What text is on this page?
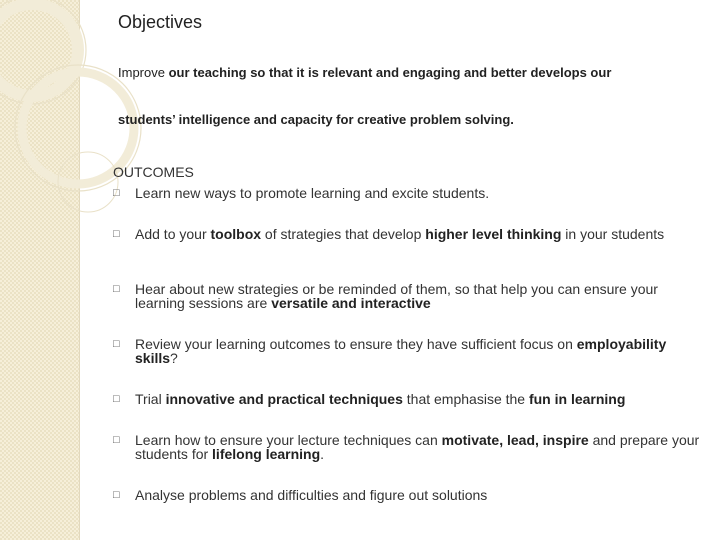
Objectives
Improve our teaching so that it is relevant and engaging and better develops our
students’ intelligence and capacity for creative problem solving.
OUTCOMES
□ Learn new ways to promote learning and excite students.
□ Add to your toolbox of strategies that develop higher level thinking in your students
□ Hear about new strategies or be reminded of them, so that help you can ensure your learning sessions are versatile and interactive
□ Review your learning outcomes to ensure they have sufficient focus on employability skills?
□ Trial innovative and practical techniques that emphasise the fun in learning
□ Learn how to ensure your lecture techniques can motivate, lead, inspire and prepare your students for lifelong learning.
□ Analyse problems and difficulties and figure out solutions
